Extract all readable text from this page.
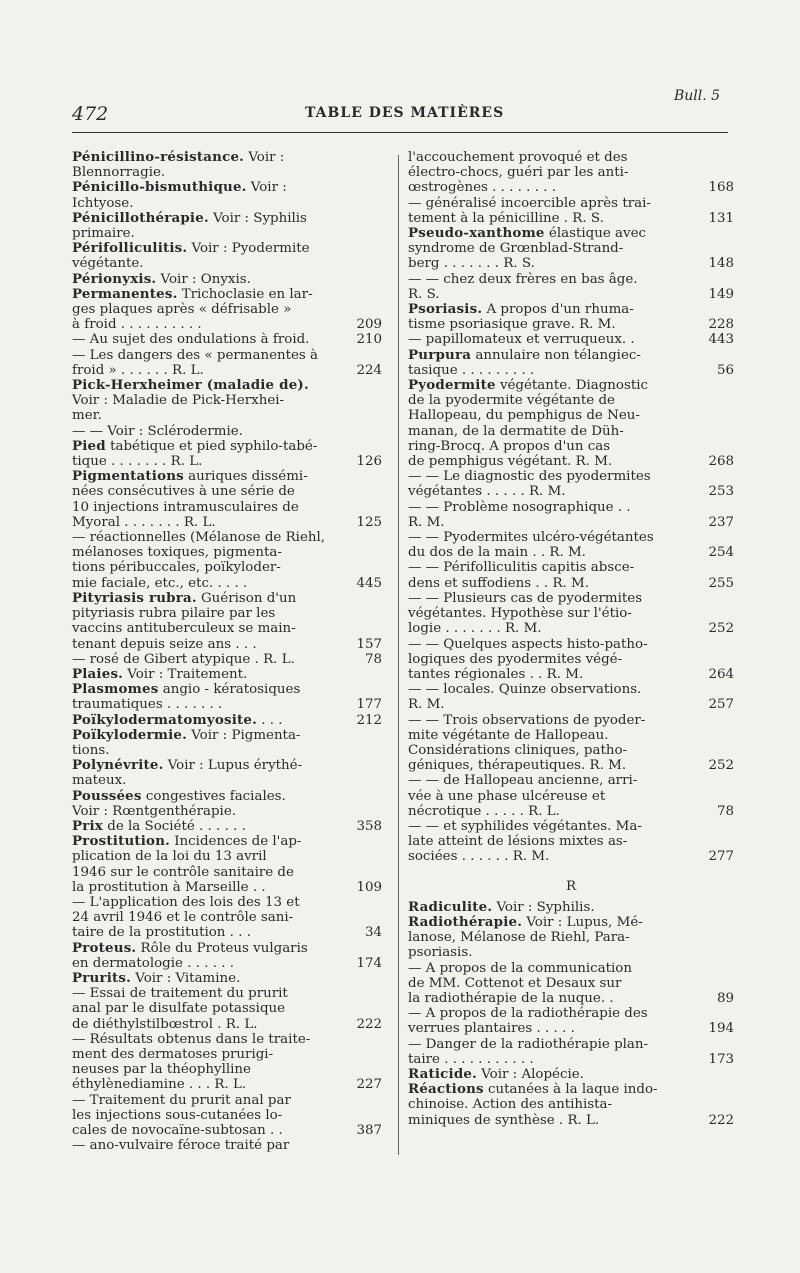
472	TABLE DES MATIÈRES
Bull. 5
Pénicillino-résistance. Voir :
Blennorragie.
Pénicillo-bismuthique. Voir :
Ichtyose.
Pénicillothérapie. Voir : Syphilis
primaire.
Périfolliculitis. Voir : Pyodermite
végétante.
Périonyxis. Voir : Onyxis.
Permanentes. Trichoclasie en lar-
ges plaques après « défrisable »
à froid . . . . . . . . . .	209
— Au sujet des ondulations à froid.	210
— Les dangers des « permanentes à
froid » . . . . . . R. L.	224
Pick-Herxheimer (maladie de). Voir : Maladie de Pick-Herxhei-
mer.
— — Voir : Sclérodermie.
Pied tabétique et pied syphilo-tabé-
tique . . . . . . . R. L.	126
Pigmentations auriques dissémi-
nées consécutives à une série de
10 injections intramusculaires de
Myoral . . . . . . . R. L.	125
— réactionnelles (Mélanose de Riehl,
mélanoses toxiques, pigmenta-
tions péribuccales, poïkyloder-
mie faciale, etc., etc. . . . .	445
Pityriasis rubra. Guérison d'un
pityriasis rubra pilaire par les
vaccins antituberculeux se main-
tenant depuis seize ans . . .	157
— rosé de Gibert atypique . R. L.	78
Plaies. Voir : Traitement.
Plasmomes angio - kératosiques
traumatiques . . . . . . .	177
Poïkylodermatomyosite. . . .	212
Poïkylodermie. Voir : Pigmenta-
tions.
Polynévrite. Voir : Lupus érythé-
mateux.
Poussées congestives faciales.
Voir : Rœntgenthérapie.
Prix de la Société . . . . . .	358
Prostitution. Incidences de l'ap-
plication de la loi du 13 avril
1946 sur le contrôle sanitaire de
la prostitution à Marseille . .	109
— L'application des lois des 13 et
24 avril 1946 et le contrôle sani-
taire de la prostitution . . .	34
Proteus. Rôle du Proteus vulgaris
en dermatologie . . . . . .	174
Prurits. Voir : Vitamine.
— Essai de traitement du prurit
anal par le disulfate potassique
de diéthylstilbœstrol . R. L.	222
— Résultats obtenus dans le traite-
ment des dermatoses prurigi-
neuses par la théophylline
éthylènediamine . . . R. L.	227
— Traitement du prurit anal par
les injections sous-cutanées lo-
cales de novocaïne-subtosan . .	387
— ano-vulvaire féroce traité par
l'accouchement provoqué et des
électro-chocs, guéri par les anti-
œstrogènes . . . . . . . .	168
— généralisé incoercible après trai-
tement à la pénicilline . R. S.	131
Pseudo-xanthome élastique avec
syndrome de Grœnblad-Strand-
berg . . . . . . . R. S.	148
— — chez deux frères en bas âge.
R. S.	149
Psoriasis. A propos d'un rhuma-
tisme psoriasique grave. R. M.	228
— papillomateux et verruqueux. .	443
Purpura annulaire non télangiec-
tasique . . . . . . . . .	56
Pyodermite végétante. Diagnostic
de la pyodermite végétante de
Hallopeau, du pemphigus de Neu-
manan, de la dermatite de Düh-
ring-Brocq. A propos d'un cas
de pemphigus végétant. R. M.	268
— — Le diagnostic des pyodermites
végétantes . . . . . R. M.	253
— — Problème nosographique . .
R. M.	237
— — Pyodermites ulcéro-végétantes
du dos de la main . . R. M.	254
— — Périfolliculitis capitis absce-
dens et suffodiens . . R. M.	255
— — Plusieurs cas de pyodermites
végétantes. Hypothèse sur l'étio-
logie . . . . . . . R. M.	252
— — Quelques aspects histo-patho-
logiques des pyodermites végé-
tantes régionales . . R. M.	264
— — locales. Quinze observations.
R. M.	257
— — Trois observations de pyoder-
mite végétante de Hallopeau.
Considérations cliniques, patho-
géniques, thérapeutiques. R. M.	252
— — de Hallopeau ancienne, arri-
vée à une phase ulcéreuse et
nécrotique . . . . . R. L.	78
— — et syphilides végétantes. Ma-
late atteint de lésions mixtes as-
sociées . . . . . . R. M.	277
R
Radiculite. Voir : Syphilis.
Radiothérapie. Voir : Lupus, Mé-
lanose, Mélanose de Riehl, Para-
psoriasis.
— A propos de la communication
de MM. Cottenot et Desaux sur
la radiothérapie de la nuque. .	89
— A propos de la radiothérapie des
verrues plantaires . . . . .	194
— Danger de la radiothérapie plan-
taire . . . . . . . . . . .	173
Raticide. Voir : Alopécie.
Réactions cutanées à la laque indo-
chinoise. Action des antihista-
miniques de synthèse . R. L.	222
